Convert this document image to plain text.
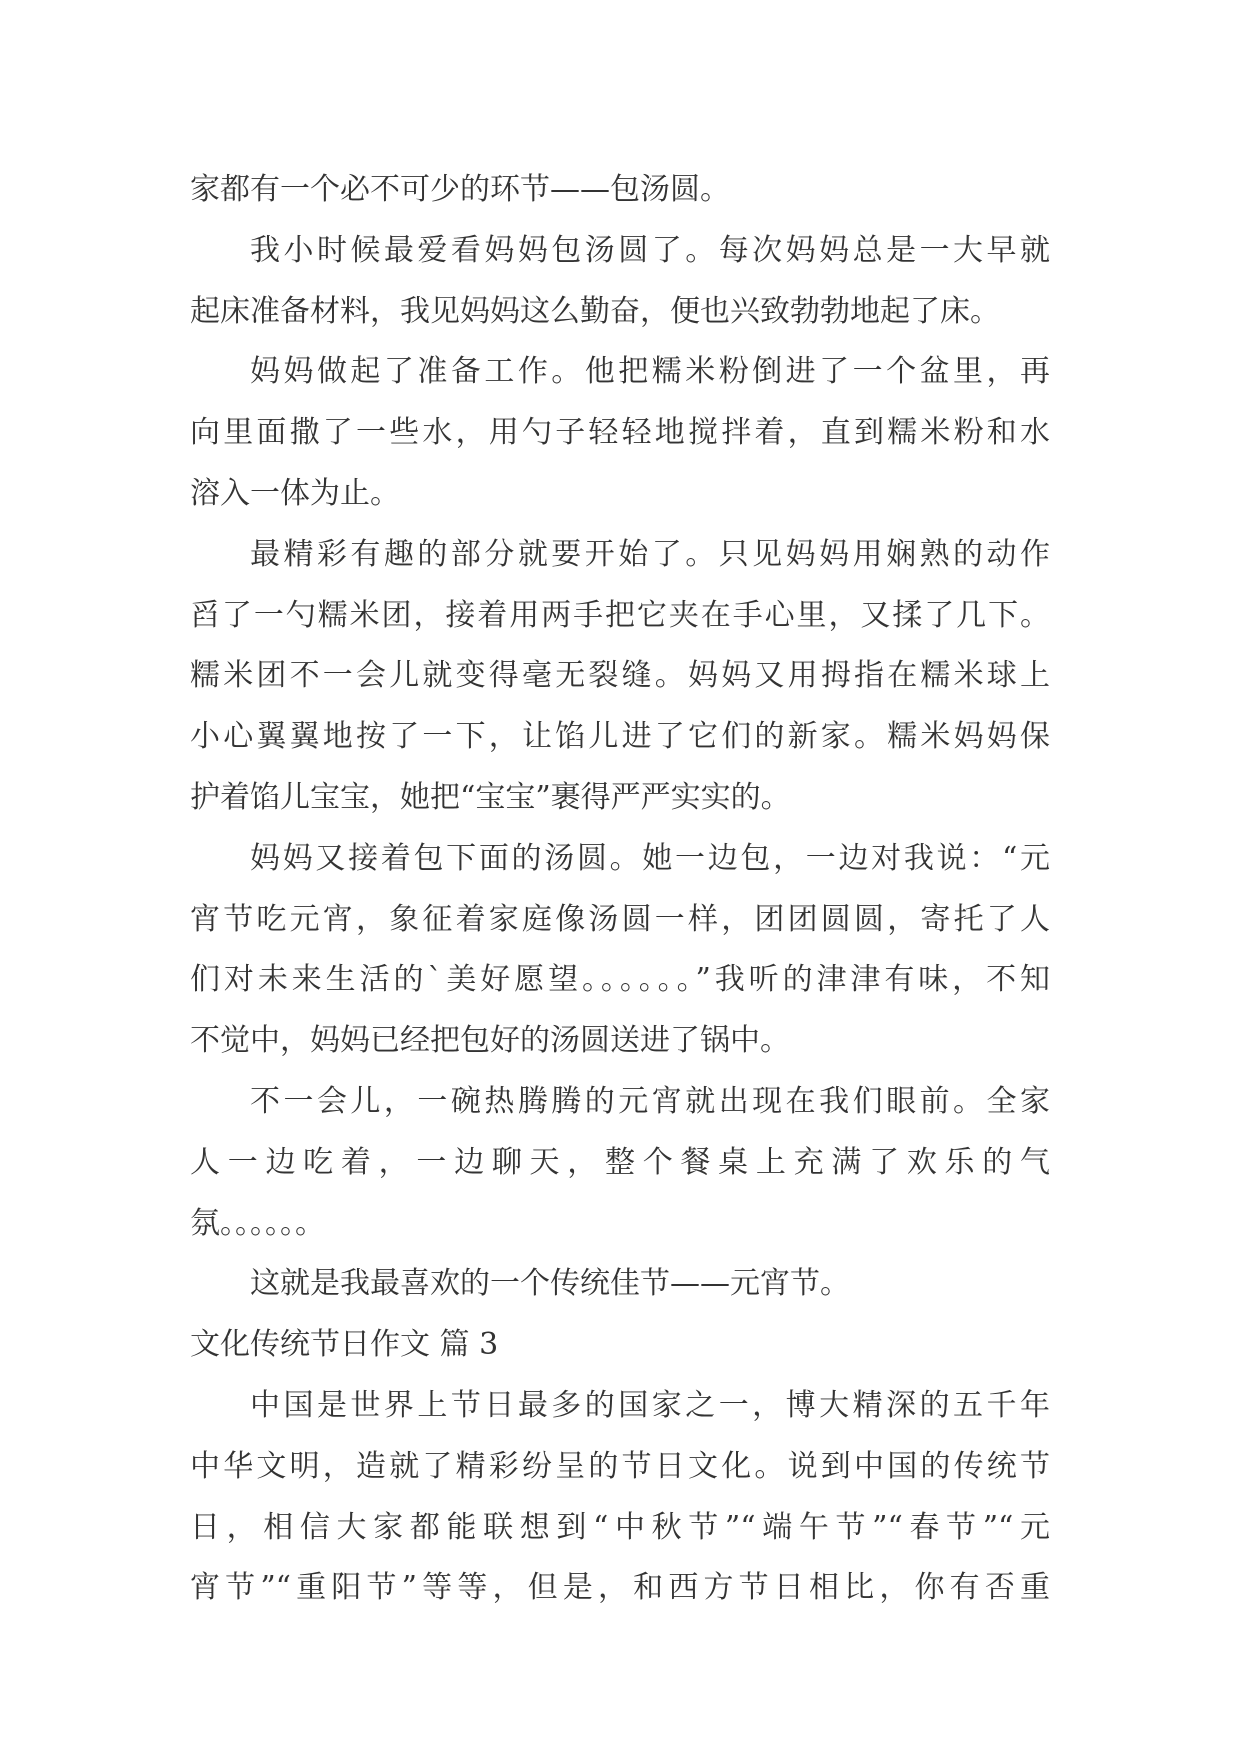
家都有一个必不可少的环节——包汤圆。
我小时候最爱看妈妈包汤圆了。每次妈妈总是一大早就
起床准备材料，我见妈妈这么勤奋，便也兴致勃勃地起了床。
妈妈做起了准备工作。他把糯米粉倒进了一个盆里，再
向里面撒了一些水，用勺子轻轻地搅拌着，直到糯米粉和水
溶入一体为止。
最精彩有趣的部分就要开始了。只见妈妈用娴熟的动作
舀了一勺糯米团，接着用两手把它夹在手心里，又揉了几下。
糯米团不一会儿就变得毫无裂缝。妈妈又用拇指在糯米球上
小心翼翼地按了一下，让馅儿进了它们的新家。糯米妈妈保
护着馅儿宝宝，她把“宝宝”裹得严严实实的。
妈妈又接着包下面的汤圆。她一边包，一边对我说：“元
宵节吃元宵，象征着家庭像汤圆一样，团团圆圆，寄托了人
们对未来生活的`美好愿望。。。。。。”我听的津津有味，不知
不觉中，妈妈已经把包好的汤圆送进了锅中。
不一会儿，一碗热腾腾的元宵就出现在我们眼前。全家
人一边吃着，一边聊天，整个餐桌上充满了欢乐的气
氛。。。。。。
这就是我最喜欢的一个传统佳节——元宵节。
文化传统节日作文 篇 3
中国是世界上节日最多的国家之一，博大精深的五千年
中华文明，造就了精彩纷呈的节日文化。说到中国的传统节
日，相信大家都能联想到“中秋节”“端午节”“春节”“元
宵节”“重阳节”等等，但是，和西方节日相比，你有否重
